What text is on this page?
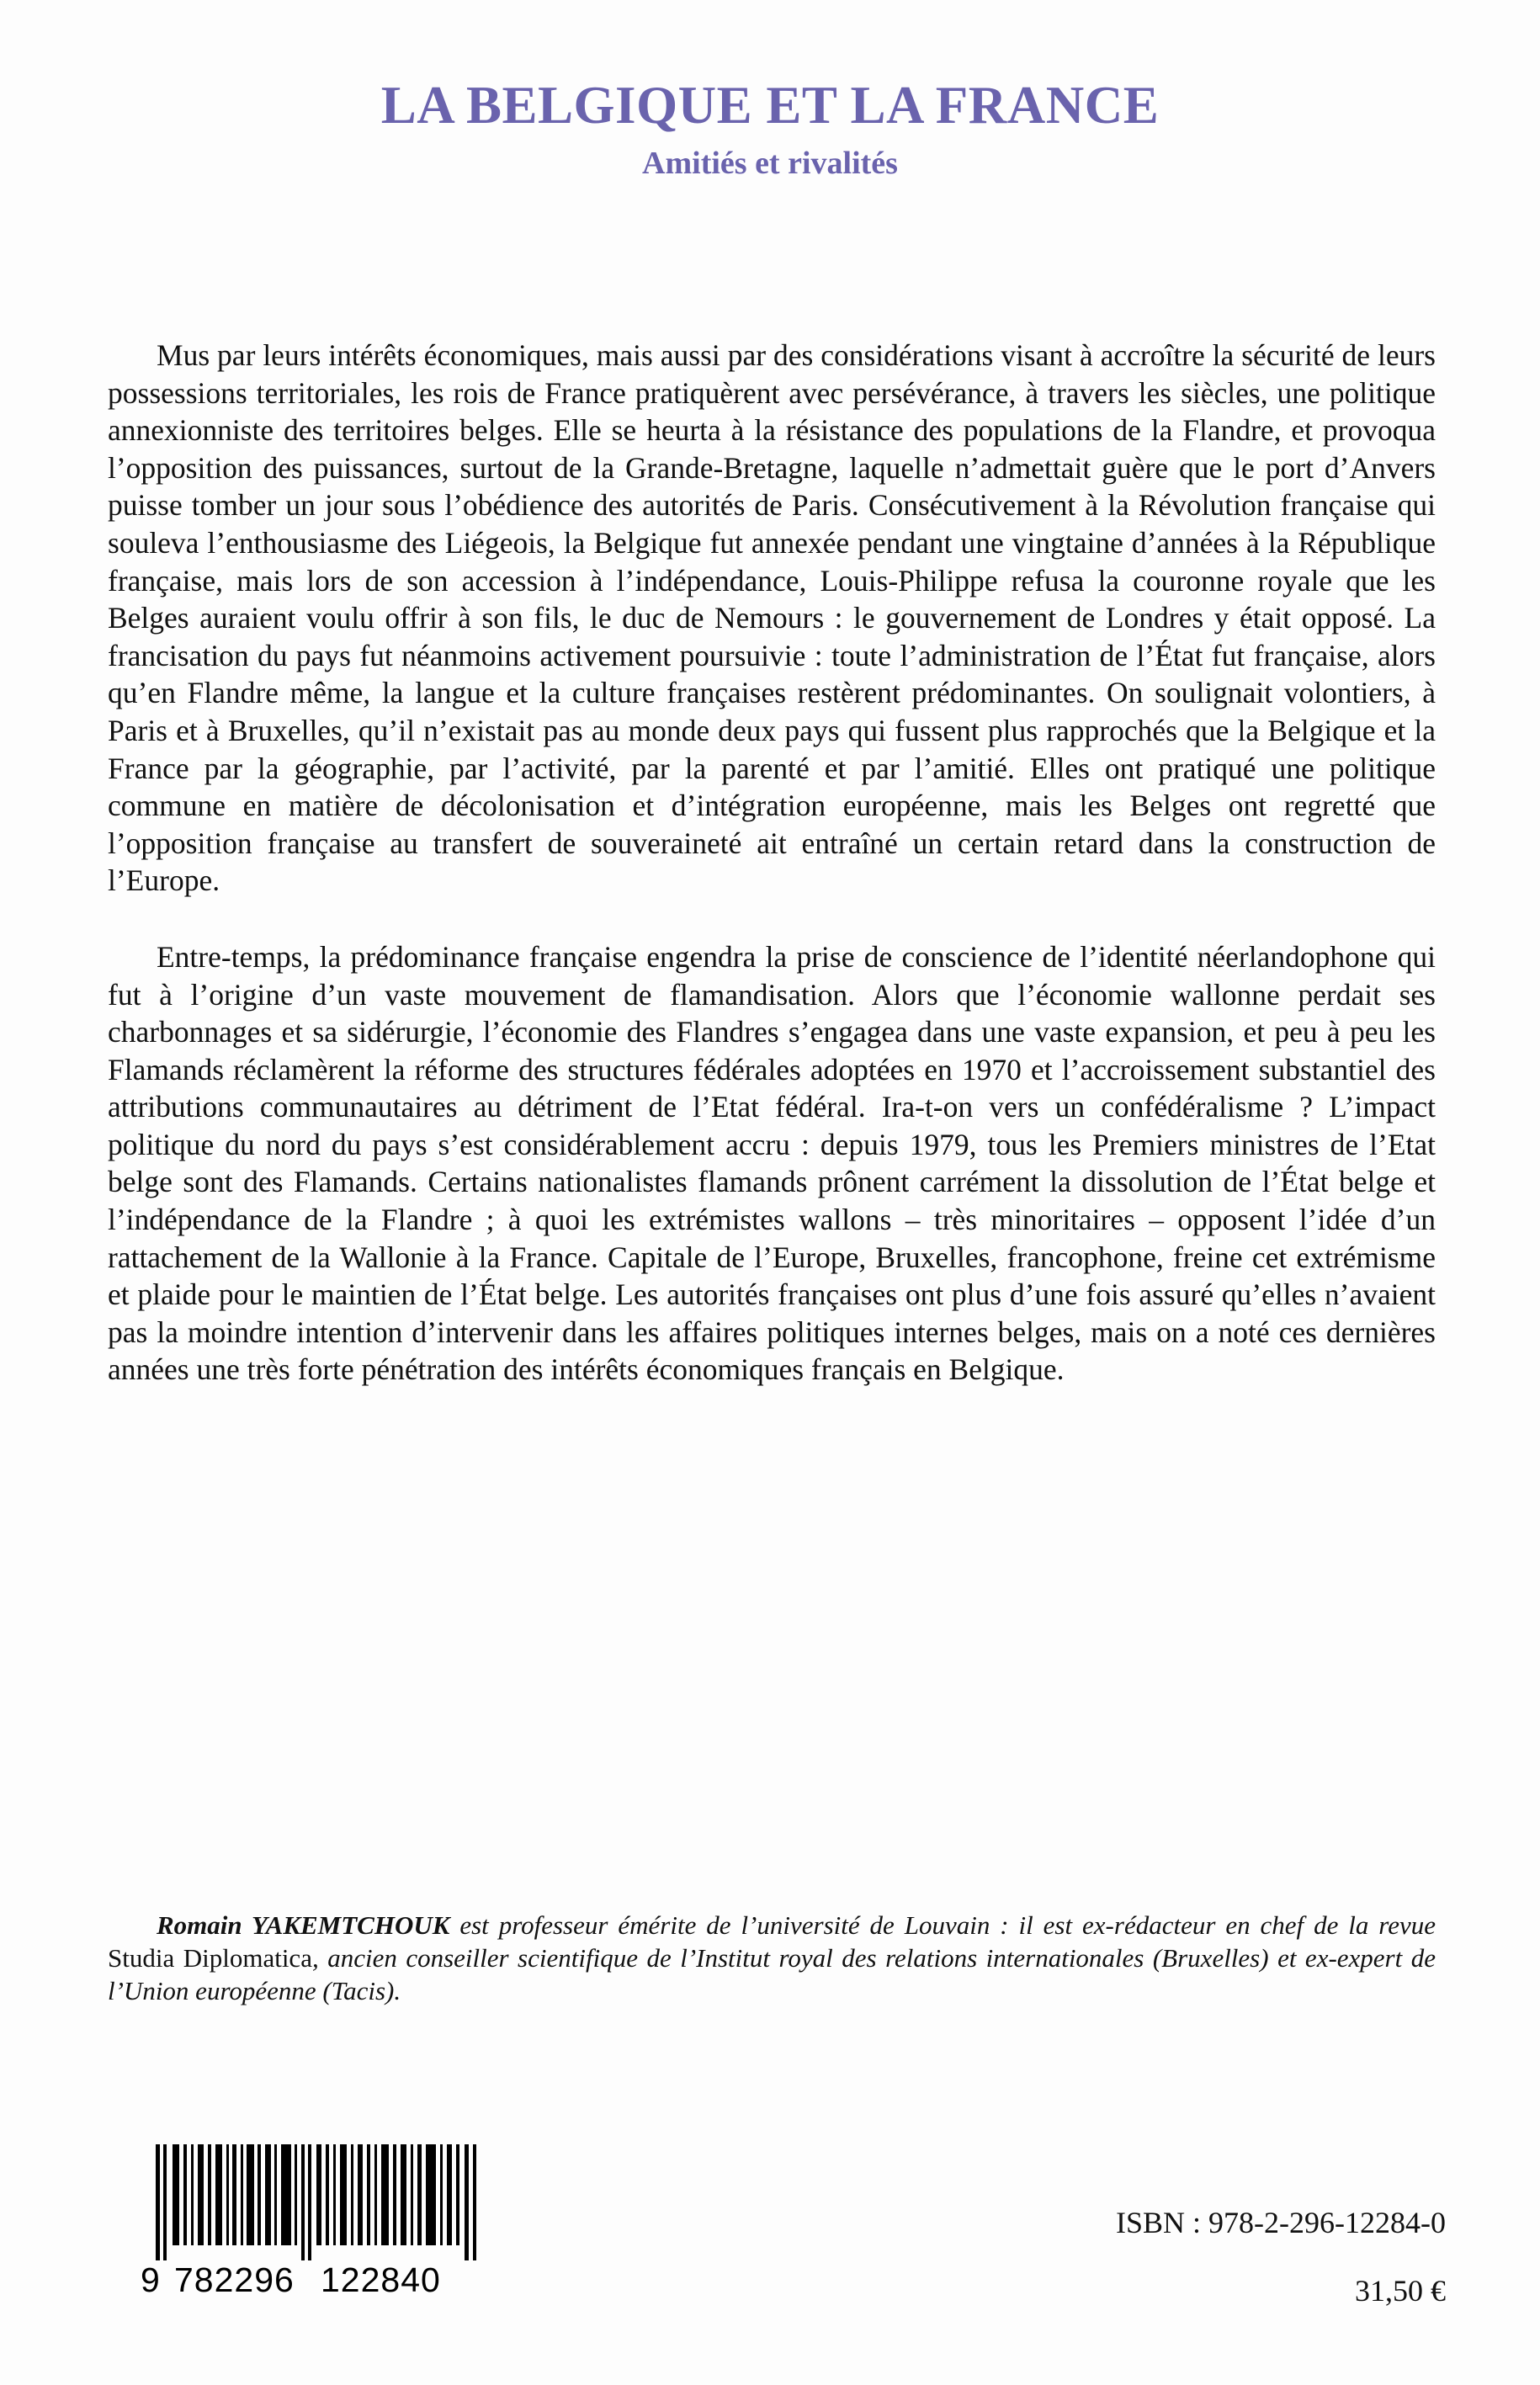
LA BELGIQUE ET LA FRANCE
Amitiés et rivalités

Mus par leurs intérêts économiques, mais aussi par des considérations visant à accroître la sécurité de leurs possessions territoriales, les rois de France pratiquèrent avec persévérance, à travers les siècles, une politique annexionniste des territoires belges. Elle se heurta à la résistance des populations de la Flandre, et provoqua l’opposition des puissances, surtout de la Grande-Bretagne, laquelle n’admettait guère que le port d’Anvers puisse tomber un jour sous l’obédience des autorités de Paris. Consécutivement à la Révolution française qui souleva l’enthousiasme des Liégeois, la Belgique fut annexée pendant une vingtaine d’années à la République française, mais lors de son accession à l’indépendance, Louis-Philippe refusa la couronne royale que les Belges auraient voulu offrir à son fils, le duc de Nemours : le gouvernement de Londres y était opposé. La francisation du pays fut néanmoins activement poursuivie : toute l’administration de l’État fut française, alors qu’en Flandre même, la langue et la culture françaises restèrent prédominantes. On soulignait volontiers, à Paris et à Bruxelles, qu’il n’existait pas au monde deux pays qui fussent plus rapprochés que la Belgique et la France par la géographie, par l’activité, par la parenté et par l’amitié. Elles ont pratiqué une politique commune en matière de décolonisation et d’intégration européenne, mais les Belges ont regretté que l’opposition française au transfert de souveraineté ait entraîné un certain retard dans la construction de l’Europe.

Entre-temps, la prédominance française engendra la prise de conscience de l’identité néerlandophone qui fut à l’origine d’un vaste mouvement de flamandisation. Alors que l’économie wallonne perdait ses charbonnages et sa sidérurgie, l’économie des Flandres s’engagea dans une vaste expansion, et peu à peu les Flamands réclamèrent la réforme des structures fédérales adoptées en 1970 et l’accroissement substantiel des attributions communautaires au détriment de l’Etat fédéral. Ira-t-on vers un confédéralisme ? L’impact politique du nord du pays s’est considérablement accru : depuis 1979, tous les Premiers ministres de l’Etat belge sont des Flamands. Certains nationalistes flamands prônent carrément la dissolution de l’État belge et l’indépendance de la Flandre ; à quoi les extrémistes wallons – très minoritaires – opposent l’idée d’un rattachement de la Wallonie à la France. Capitale de l’Europe, Bruxelles, francophone, freine cet extrémisme et plaide pour le maintien de l’État belge. Les autorités françaises ont plus d’une fois assuré qu’elles n’avaient pas la moindre intention d’intervenir dans les affaires politiques internes belges, mais on a noté ces dernières années une très forte pénétration des intérêts économiques français en Belgique.

Romain YAKEMTCHOUK est professeur émérite de l’université de Louvain : il est ex-rédacteur en chef de la revue Studia Diplomatica, ancien conseiller scientifique de l’Institut royal des relations internationales (Bruxelles) et ex-expert de l’Union européenne (Tacis).
9 782296 122840
ISBN : 978-2-296-12284-0
31,50 €
